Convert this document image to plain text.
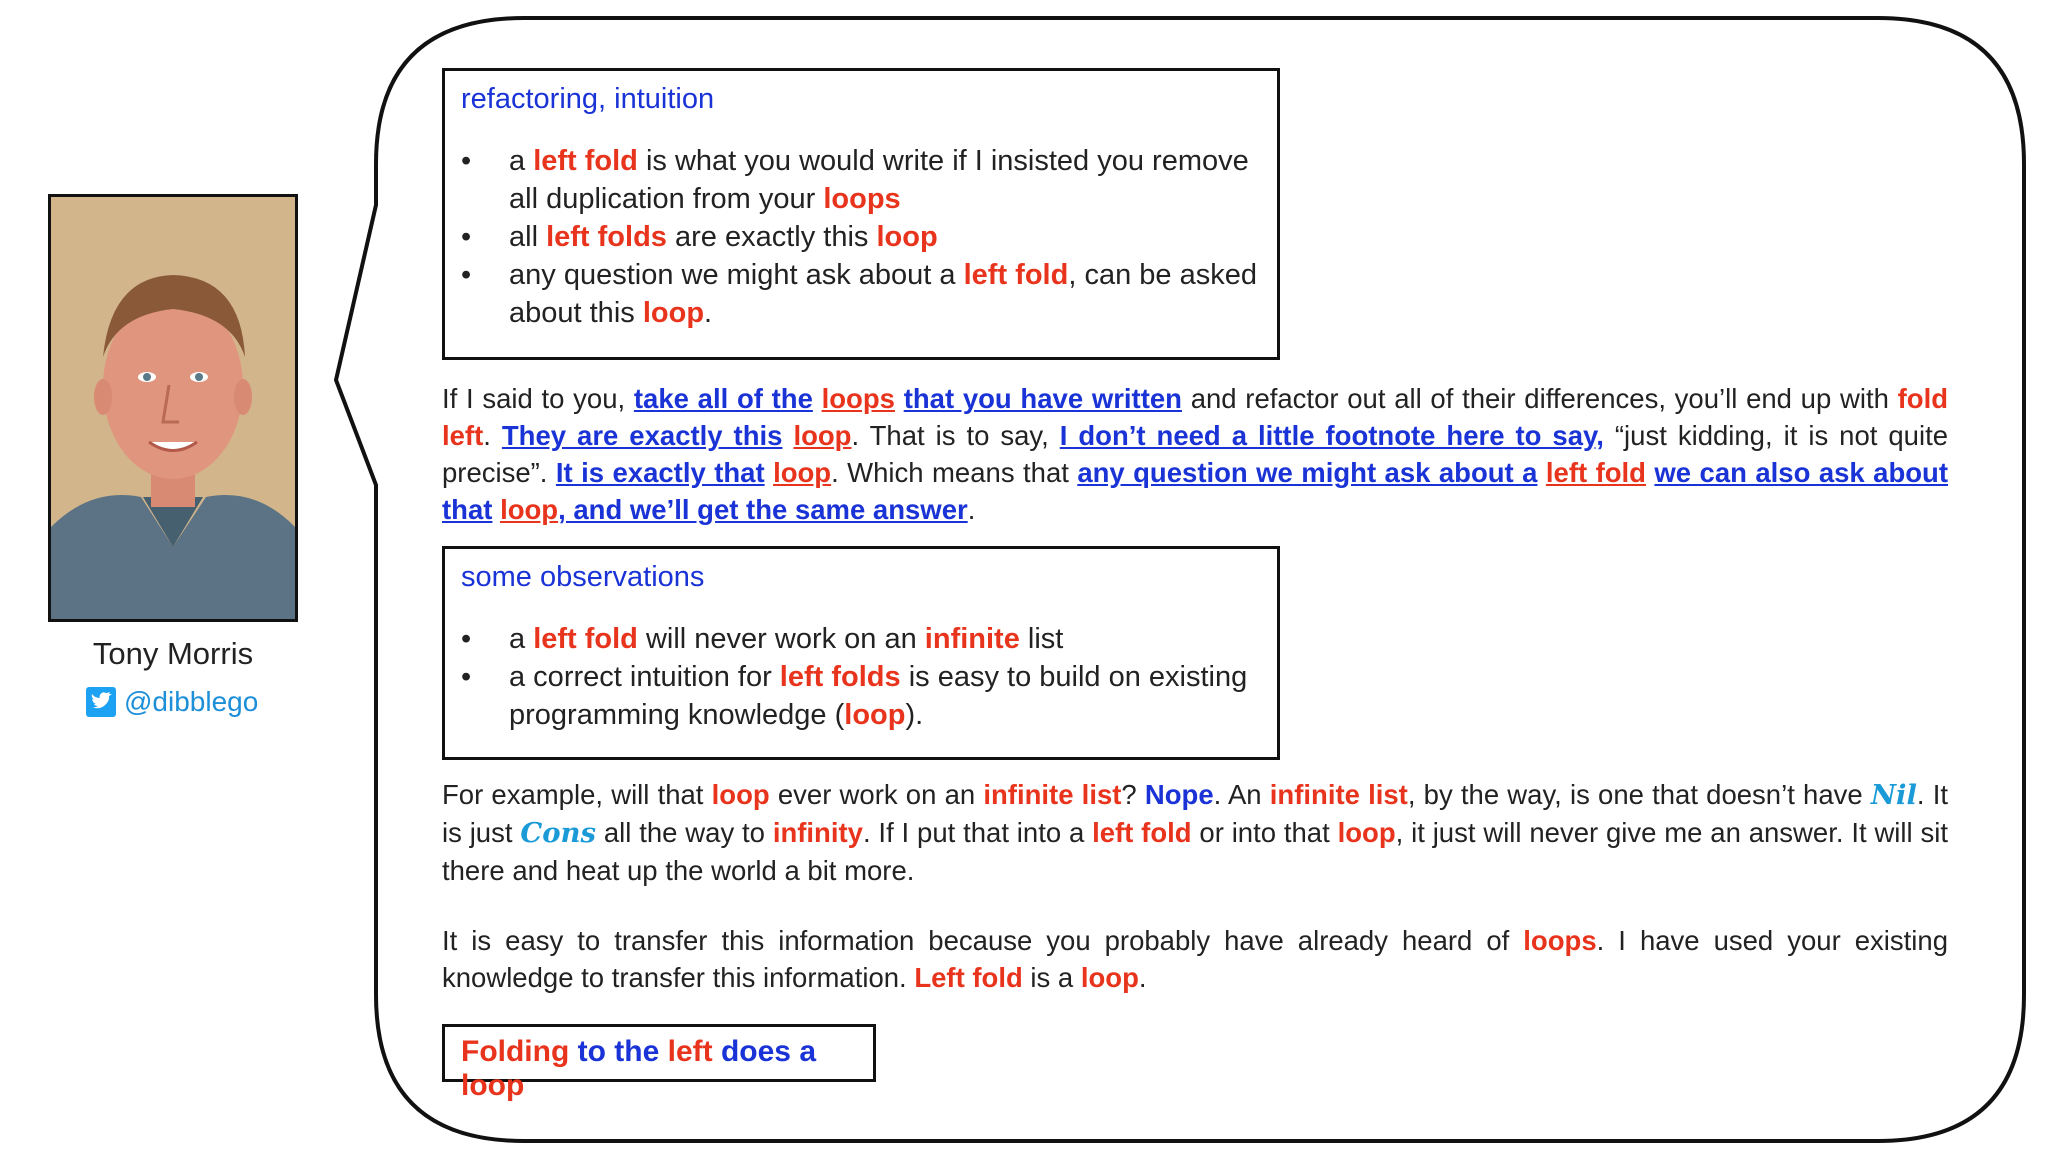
Tony Morris
@dibblego
refactoring, intuition
• a left fold is what you would write if I insisted you remove all duplication from your loops
• all left folds are exactly this loop
• any question we might ask about a left fold, can be asked about this loop.
If I said to you, take all of the loops that you have written and refactor out all of their differences, you’ll end up with fold left. They are exactly this loop. That is to say, I don’t need a little footnote here to say, “just kidding, it is not quite precise”. It is exactly that loop. Which means that any question we might ask about a left fold we can also ask about that loop, and we’ll get the same answer.
some observations
• a left fold will never work on an infinite list
• a correct intuition for left folds is easy to build on existing programming knowledge (loop).
For example, will that loop ever work on an infinite list? Nope. An infinite list, by the way, is one that doesn’t have Nil. It is just Cons all the way to infinity. If I put that into a left fold or into that loop, it just will never give me an answer. It will sit there and heat up the world a bit more.
It is easy to transfer this information because you probably have already heard of loops. I have used your existing knowledge to transfer this information. Left fold is a loop.
Folding to the left does a loop
